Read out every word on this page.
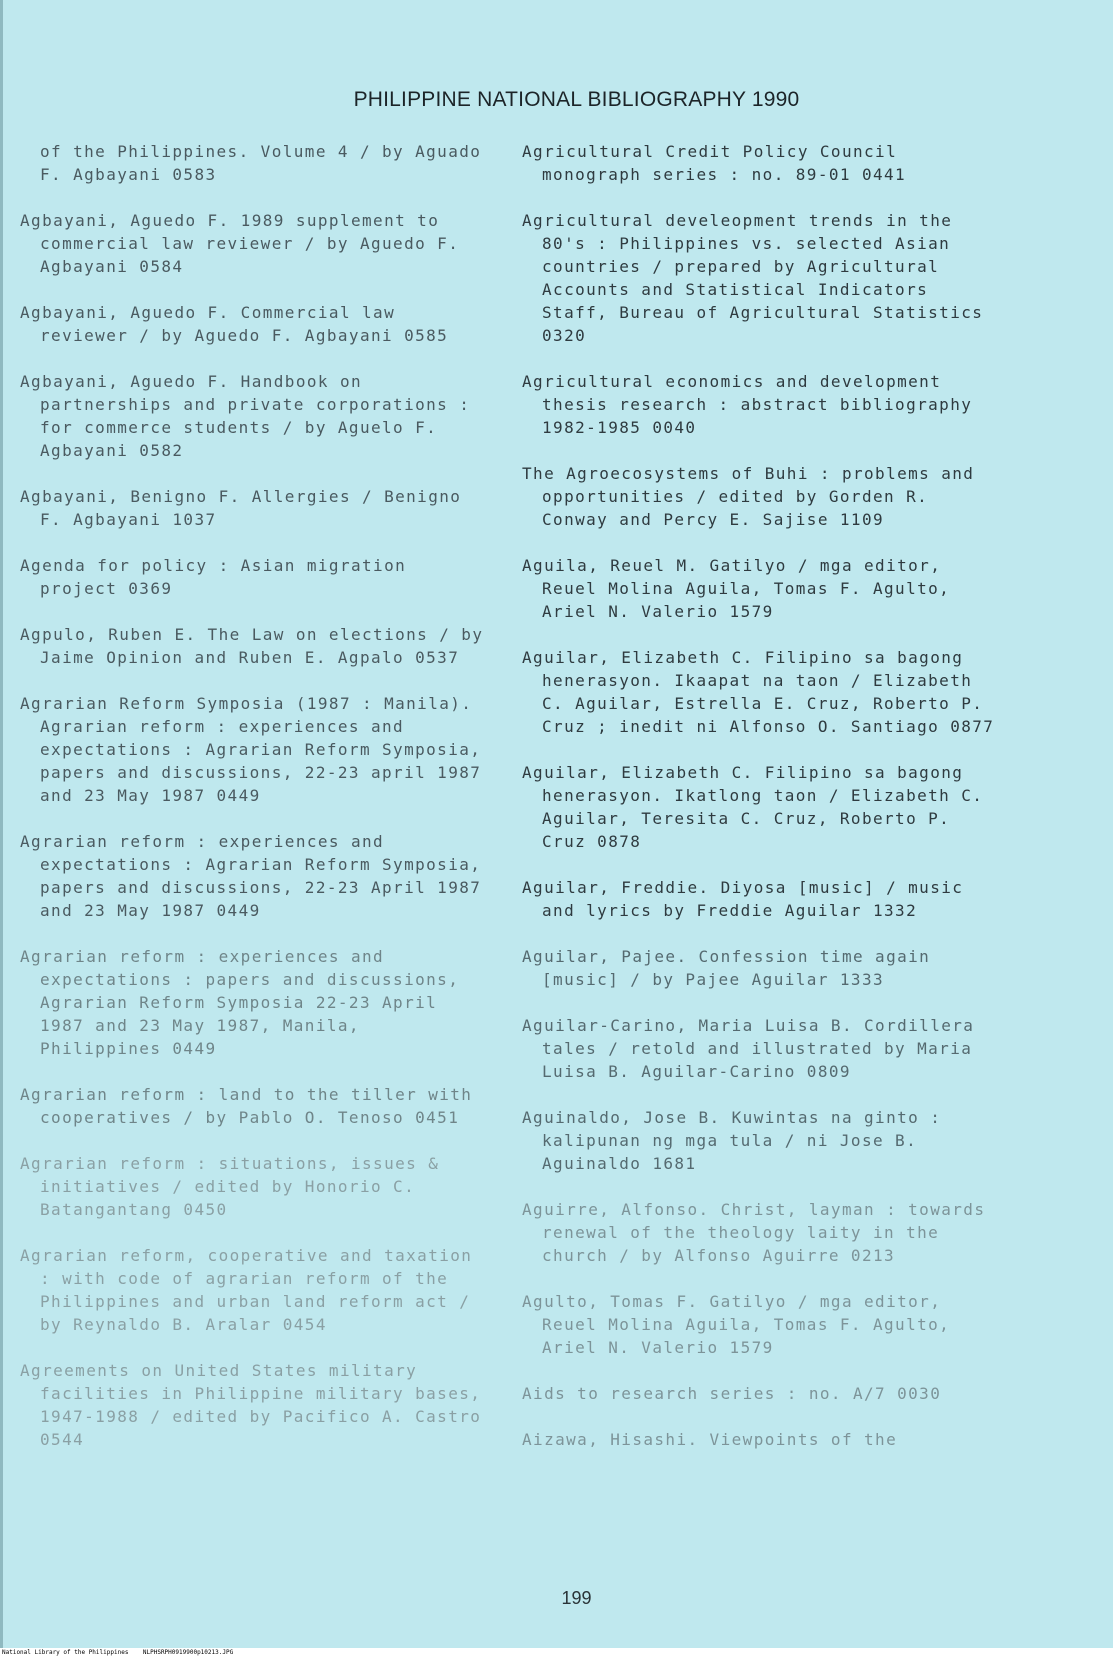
PHILIPPINE NATIONAL BIBLIOGRAPHY 1990
of the Philippines. Volume 4 / by Aguado F. Agbayani 0583
Agbayani, Aguedo F. 1989 supplement to commercial law reviewer / by Aguedo F. Agbayani 0584
Agbayani, Aguedo F. Commercial law reviewer / by Aguedo F. Agbayani 0585
Agbayani, Aguedo F. Handbook on partnerships and private corporations : for commerce students / by Aguelo F. Agbayani 0582
Agbayani, Benigno F. Allergies / Benigno F. Agbayani 1037
Agenda for policy : Asian migration project 0369
Agpulo, Ruben E. The Law on elections / by Jaime Opinion and Ruben E. Agpalo 0537
Agrarian Reform Symposia (1987 : Manila). Agrarian reform : experiences and expectations : Agrarian Reform Symposia, papers and discussions, 22-23 april 1987 and 23 May 1987 0449
Agrarian reform : experiences and expectations : Agrarian Reform Symposia, papers and discussions, 22-23 April 1987 and 23 May 1987 0449
Agrarian reform : experiences and expectations : papers and discussions, Agrarian Reform Symposia 22-23 April 1987 and 23 May 1987, Manila, Philippines 0449
Agrarian reform : land to the tiller with cooperatives / by Pablo O. Tenoso 0451
Agrarian reform : situations, issues & initiatives / edited by Honorio C. Batangantang 0450
Agrarian reform, cooperative and taxation : with code of agrarian reform of the Philippines and urban land reform act / by Reynaldo B. Aralar 0454
Agreements on United States military facilities in Philippine military bases, 1947-1988 / edited by Pacifico A. Castro 0544
Agricultural Credit Policy Council monograph series : no. 89-01 0441
Agricultural develeopment trends in the 80's : Philippines vs. selected Asian countries / prepared by Agricultural Accounts and Statistical Indicators Staff, Bureau of Agricultural Statistics 0320
Agricultural economics and development thesis research : abstract bibliography 1982-1985 0040
The Agroecosystems of Buhi : problems and opportunities / edited by Gorden R. Conway and Percy E. Sajise 1109
Aguila, Reuel M. Gatilyo / mga editor, Reuel Molina Aguila, Tomas F. Agulto, Ariel N. Valerio 1579
Aguilar, Elizabeth C. Filipino sa bagong henerasyon. Ikaapat na taon / Elizabeth C. Aguilar, Estrella E. Cruz, Roberto P. Cruz ; inedit ni Alfonso O. Santiago 0877
Aguilar, Elizabeth C. Filipino sa bagong henerasyon. Ikatlong taon / Elizabeth C. Aguilar, Teresita C. Cruz, Roberto P. Cruz 0878
Aguilar, Freddie. Diyosa [music] / music and lyrics by Freddie Aguilar 1332
Aguilar, Pajee. Confession time again [music] / by Pajee Aguilar 1333
Aguilar-Carino, Maria Luisa B. Cordillera tales / retold and illustrated by Maria Luisa B. Aguilar-Carino 0809
Aguinaldo, Jose B. Kuwintas na ginto : kalipunan ng mga tula / ni Jose B. Aguinaldo 1681
Aguirre, Alfonso. Christ, layman : towards renewal of the theology laity in the church / by Alfonso Aguirre 0213
Agulto, Tomas F. Gatilyo / mga editor, Reuel Molina Aguila, Tomas F. Agulto, Ariel N. Valerio 1579
Aids to research series : no. A/7 0030
Aizawa, Hisashi. Viewpoints of the
199
National Library of the Philippines    NLPHSRPH0919900p10213.JPG
